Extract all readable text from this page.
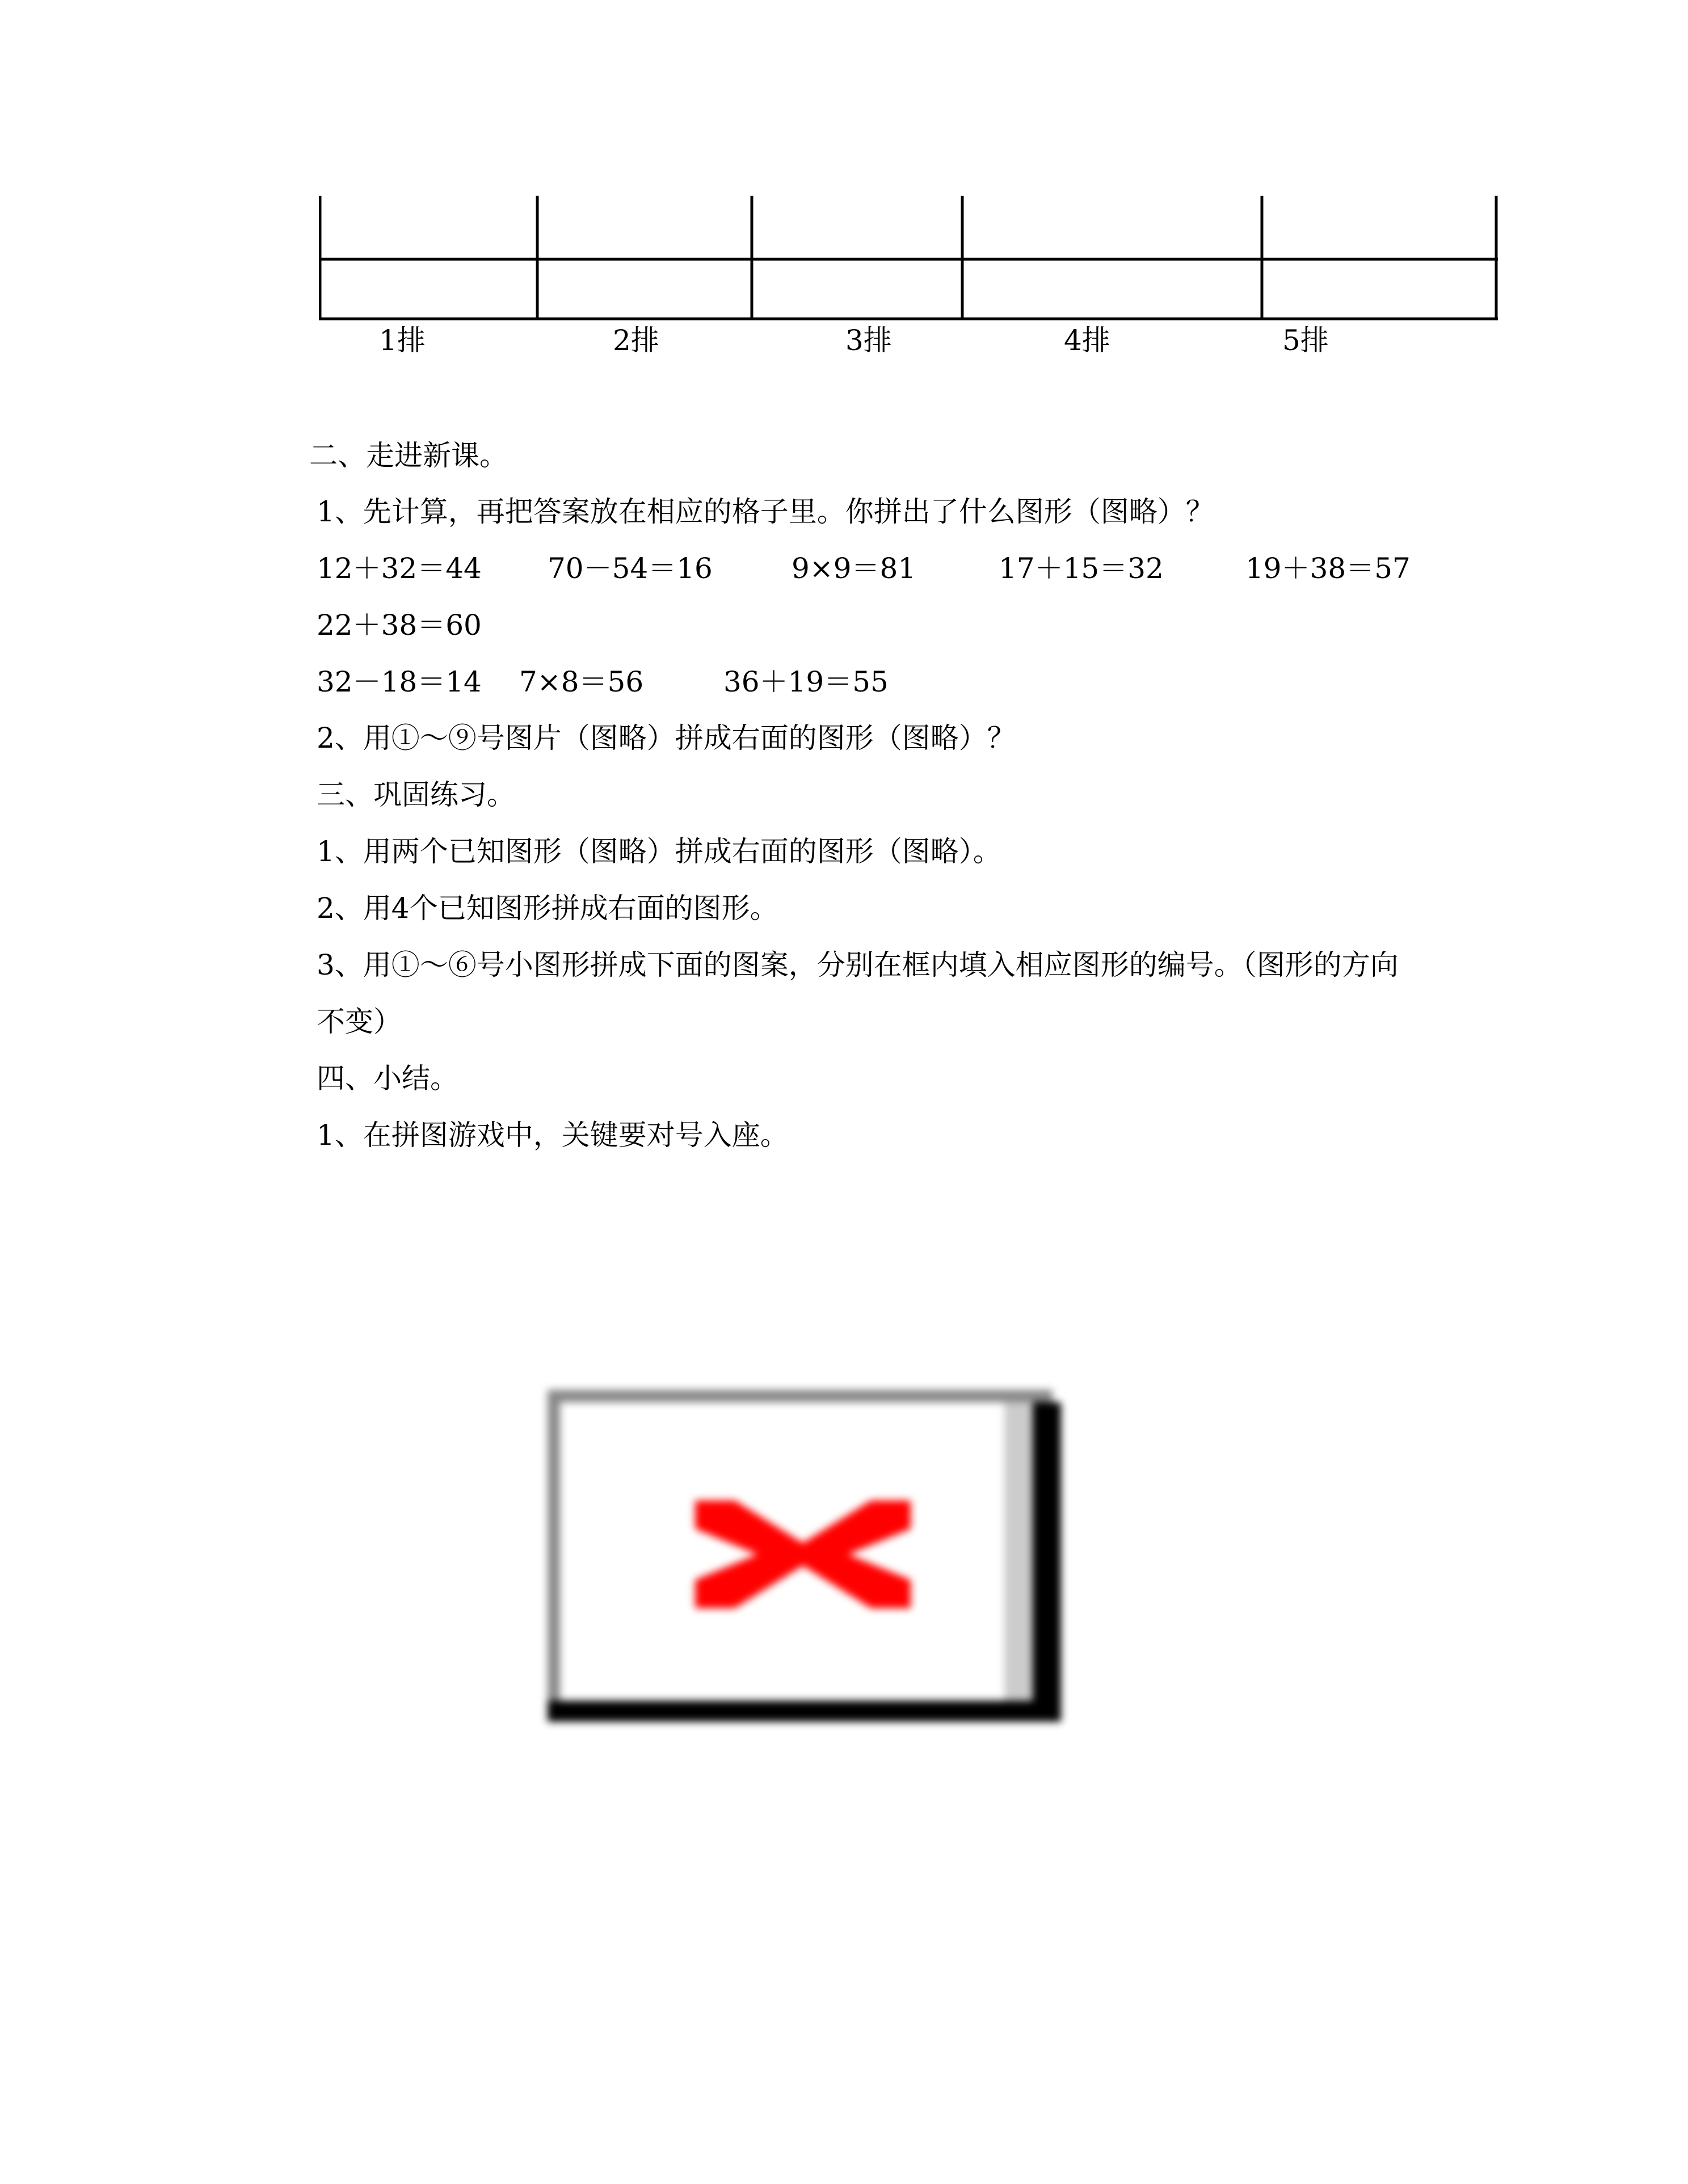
1排	2排	3排	4排	5排
二、走进新课。
1、先计算，再把答案放在相应的格子里。你拼出了什么图形（图略）？
12＋32＝44 70－54＝16	9×9＝81	17＋15＝32	19＋38＝57
22＋38＝60
32－18＝14 7×8＝56	36＋19＝55
2、用①～⑨号图片（图略）拼成右面的图形（图略）？
三、巩固练习。
1、用两个已知图形（图略）拼成右面的图形（图略）。
2、用4个已知图形拼成右面的图形。
3、用①～⑥号小图形拼成下面的图案，分别在框内填入相应图形的编号。（图形的方向
不变）
四、小结。
1、在拼图游戏中，关键要对号入座。
